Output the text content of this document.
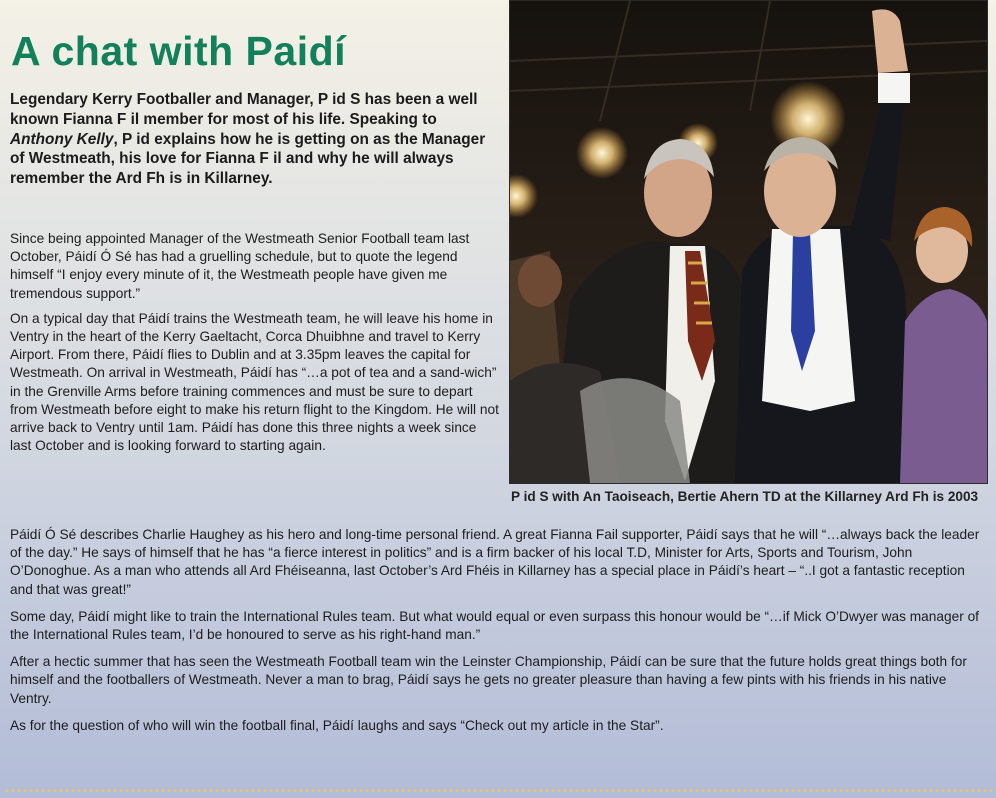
A chat with Paidí

Legendary Kerry Footballer and Manager, P id S has been a well known Fianna F il member for most of his life. Speaking to Anthony Kelly, P id explains how he is getting on as the Manager of Westmeath, his love for Fianna F il and why he will always remember the Ard Fh is in Killarney.

Since being appointed Manager of the Westmeath Senior Football team last October, Páidí Ó Sé has had a gruelling schedule, but to quote the legend himself “I enjoy every minute of it, the Westmeath people have given me tremendous support.”

On a typical day that Páidí trains the Westmeath team, he will leave his home in Ventry in the heart of the Kerry Gaeltacht, Corca Dhuibhne and travel to Kerry Airport. From there, Páidí flies to Dublin and at 3.35pm leaves the capital for Westmeath. On arrival in Westmeath, Páidí has “…a pot of tea and a sand-wich” in the Grenville Arms before training commences and must be sure to depart from Westmeath before eight to make his return flight to the Kingdom. He will not arrive back to Ventry until 1am. Páidí has done this three nights a week since last October and is looking forward to starting again.

P id S with An Taoiseach, Bertie Ahern TD at the Killarney Ard Fh is 2003

Páidí Ó Sé describes Charlie Haughey as his hero and long-time personal friend. A great Fianna Fail supporter, Páidí says that he will “…always back the leader of the day.” He says of himself that he has “a fierce interest in politics” and is a firm backer of his local T.D, Minister for Arts, Sports and Tourism, John O’Donoghue. As a man who attends all Ard Fhéiseanna, last October’s Ard Fhéis in Killarney has a special place in Páidí’s heart – “..I got a fantastic reception and that was great!”

Some day, Páidí might like to train the International Rules team. But what would equal or even surpass this honour would be “…if Mick O’Dwyer was manager of the International Rules team, I’d be honoured to serve as his right-hand man.”

After a hectic summer that has seen the Westmeath Football team win the Leinster Championship, Páidí can be sure that the future holds great things both for himself and the footballers of Westmeath. Never a man to brag, Páidí says he gets no greater pleasure than having a few pints with his friends in his native Ventry.

As for the question of who will win the football final, Páidí laughs and says “Check out my article in the Star”.
